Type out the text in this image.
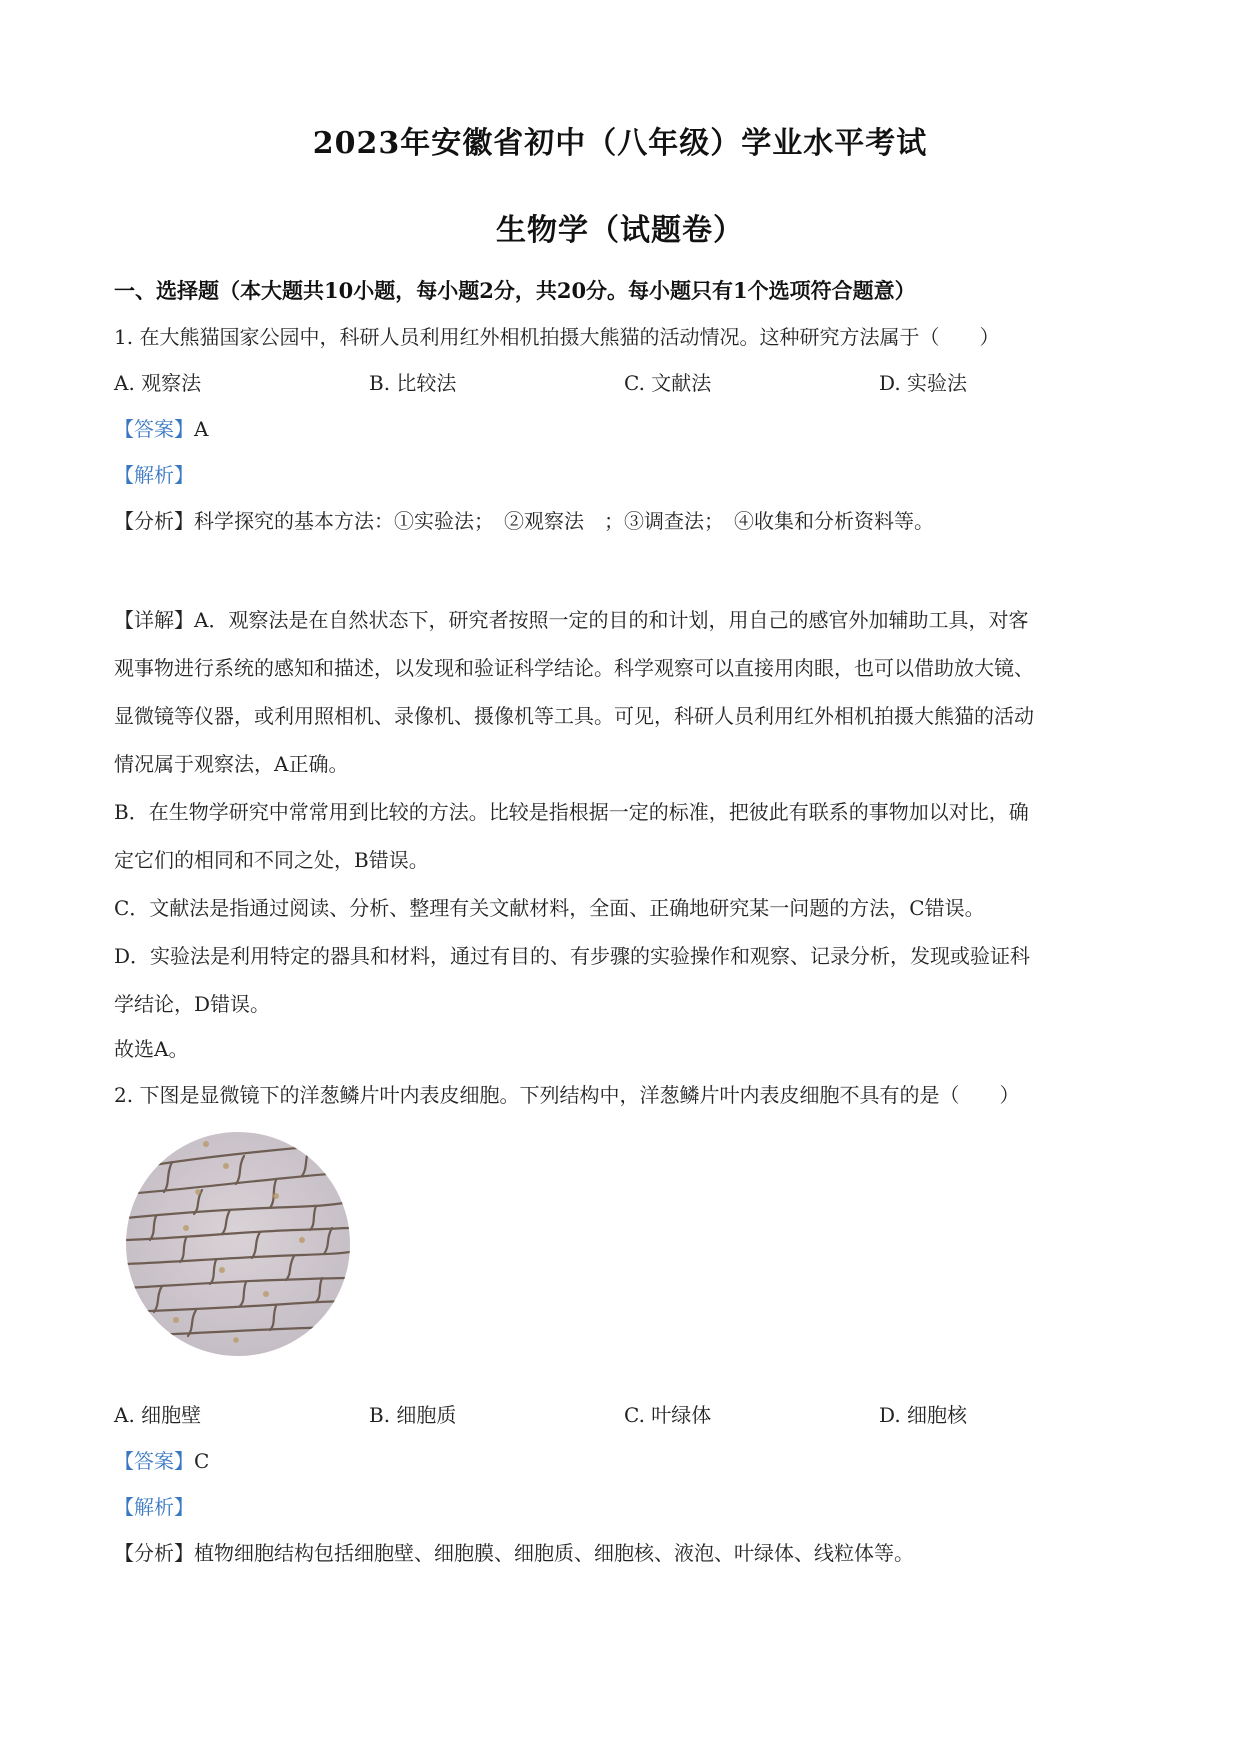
2023年安徽省初中（八年级）学业水平考试
生物学（试题卷）
一、选择题（本大题共10小题，每小题2分，共20分。每小题只有1个选项符合题意）
1. 在大熊猫国家公园中，科研人员利用红外相机拍摄大熊猫的活动情况。这种研究方法属于（　　）
A. 观察法	B. 比较法	C. 文献法	D. 实验法
【答案】A
【解析】
【分析】科学探究的基本方法：①实验法；　②观察法　；③调查法；　④收集和分析资料等。
【详解】A．观察法是在自然状态下，研究者按照一定的目的和计划，用自己的感官外加辅助工具，对客
观事物进行系统的感知和描述，以发现和验证科学结论。科学观察可以直接用肉眼，也可以借助放大镜、
显微镜等仪器，或利用照相机、录像机、摄像机等工具。可见，科研人员利用红外相机拍摄大熊猫的活动
情况属于观察法，A正确。
B．在生物学研究中常常用到比较的方法。比较是指根据一定的标准，把彼此有联系的事物加以对比，确
定它们的相同和不同之处，B错误。
C．文献法是指通过阅读、分析、整理有关文献材料，全面、正确地研究某一问题的方法，C错误。
D．实验法是利用特定的器具和材料，通过有目的、有步骤的实验操作和观察、记录分析，发现或验证科
学结论，D错误。
故选A。
2. 下图是显微镜下的洋葱鳞片叶内表皮细胞。下列结构中，洋葱鳞片叶内表皮细胞不具有的是（　　）
A. 细胞壁	B. 细胞质	C. 叶绿体	D. 细胞核
【答案】C
【解析】
【分析】植物细胞结构包括细胞壁、细胞膜、细胞质、细胞核、液泡、叶绿体、线粒体等。
